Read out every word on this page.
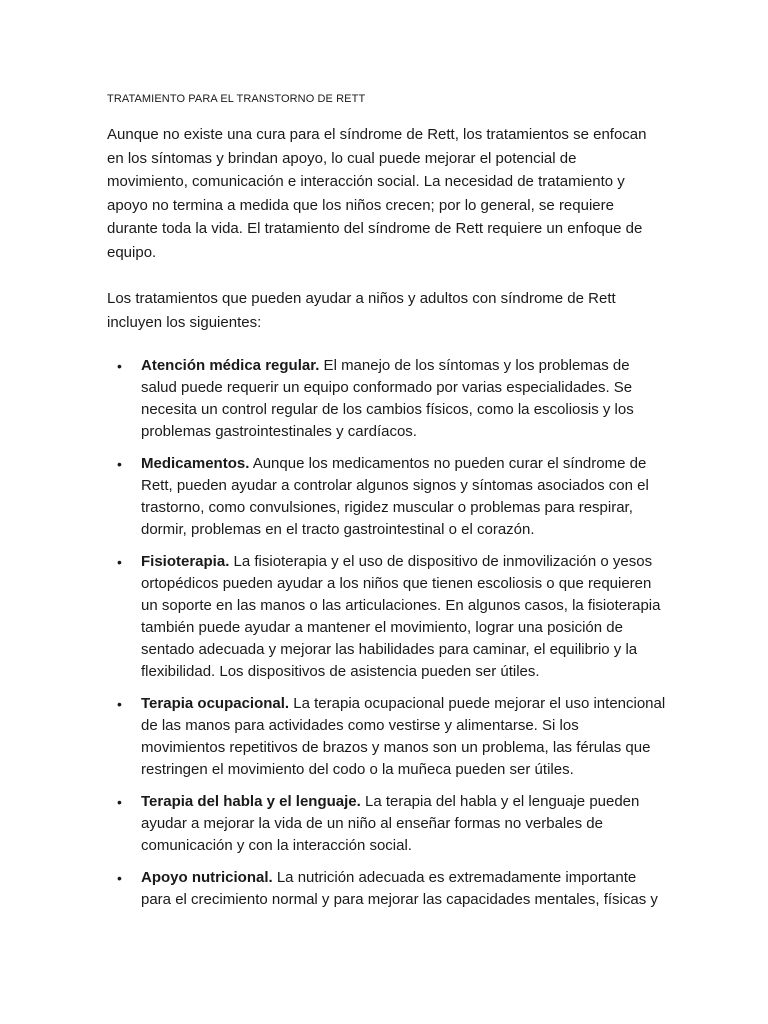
TRATAMIENTO PARA EL TRANSTORNO DE RETT

Aunque no existe una cura para el síndrome de Rett, los tratamientos se enfocan en los síntomas y brindan apoyo, lo cual puede mejorar el potencial de movimiento, comunicación e interacción social. La necesidad de tratamiento y apoyo no termina a medida que los niños crecen; por lo general, se requiere durante toda la vida. El tratamiento del síndrome de Rett requiere un enfoque de equipo.

Los tratamientos que pueden ayudar a niños y adultos con síndrome de Rett incluyen los siguientes:

• Atención médica regular. El manejo de los síntomas y los problemas de salud puede requerir un equipo conformado por varias especialidades. Se necesita un control regular de los cambios físicos, como la escoliosis y los problemas gastrointestinales y cardíacos.
• Medicamentos. Aunque los medicamentos no pueden curar el síndrome de Rett, pueden ayudar a controlar algunos signos y síntomas asociados con el trastorno, como convulsiones, rigidez muscular o problemas para respirar, dormir, problemas en el tracto gastrointestinal o el corazón.
• Fisioterapia. La fisioterapia y el uso de dispositivo de inmovilización o yesos ortopédicos pueden ayudar a los niños que tienen escoliosis o que requieren un soporte en las manos o las articulaciones. En algunos casos, la fisioterapia también puede ayudar a mantener el movimiento, lograr una posición de sentado adecuada y mejorar las habilidades para caminar, el equilibrio y la flexibilidad. Los dispositivos de asistencia pueden ser útiles.
• Terapia ocupacional. La terapia ocupacional puede mejorar el uso intencional de las manos para actividades como vestirse y alimentarse. Si los movimientos repetitivos de brazos y manos son un problema, las férulas que restringen el movimiento del codo o la muñeca pueden ser útiles.
• Terapia del habla y el lenguaje. La terapia del habla y el lenguaje pueden ayudar a mejorar la vida de un niño al enseñar formas no verbales de comunicación y con la interacción social.
• Apoyo nutricional. La nutrición adecuada es extremadamente importante para el crecimiento normal y para mejorar las capacidades mentales, físicas y
